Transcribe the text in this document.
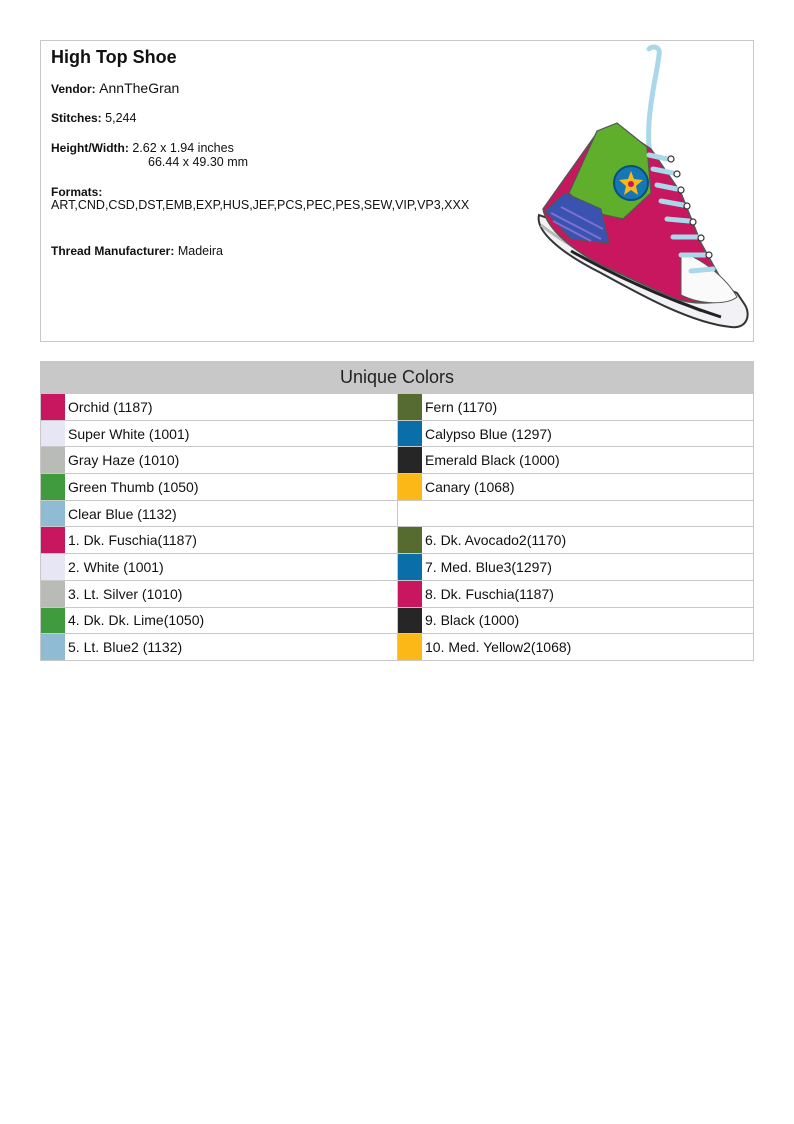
High Top Shoe
Vendor: AnnTheGran
Stitches: 5,244
Height/Width: 2.62 x 1.94 inches
66.44 x 49.30 mm
Formats:
ART,CND,CSD,DST,EMB,EXP,HUS,JEF,PCS,PEC,PES,SEW,VIP,VP3,XXX
Thread Manufacturer: Madeira
Unique Colors
Orchid (1187)	Fern (1170)
Super White (1001)	Calypso Blue (1297)
Gray Haze (1010)	Emerald Black (1000)
Green Thumb (1050)	Canary (1068)
Clear Blue (1132)
1. Dk. Fuschia(1187)	6. Dk. Avocado2(1170)
2. White (1001)	7. Med. Blue3(1297)
3. Lt. Silver (1010)	8. Dk. Fuschia(1187)
4. Dk. Dk. Lime(1050)	9. Black (1000)
5. Lt. Blue2 (1132)	10. Med. Yellow2(1068)
